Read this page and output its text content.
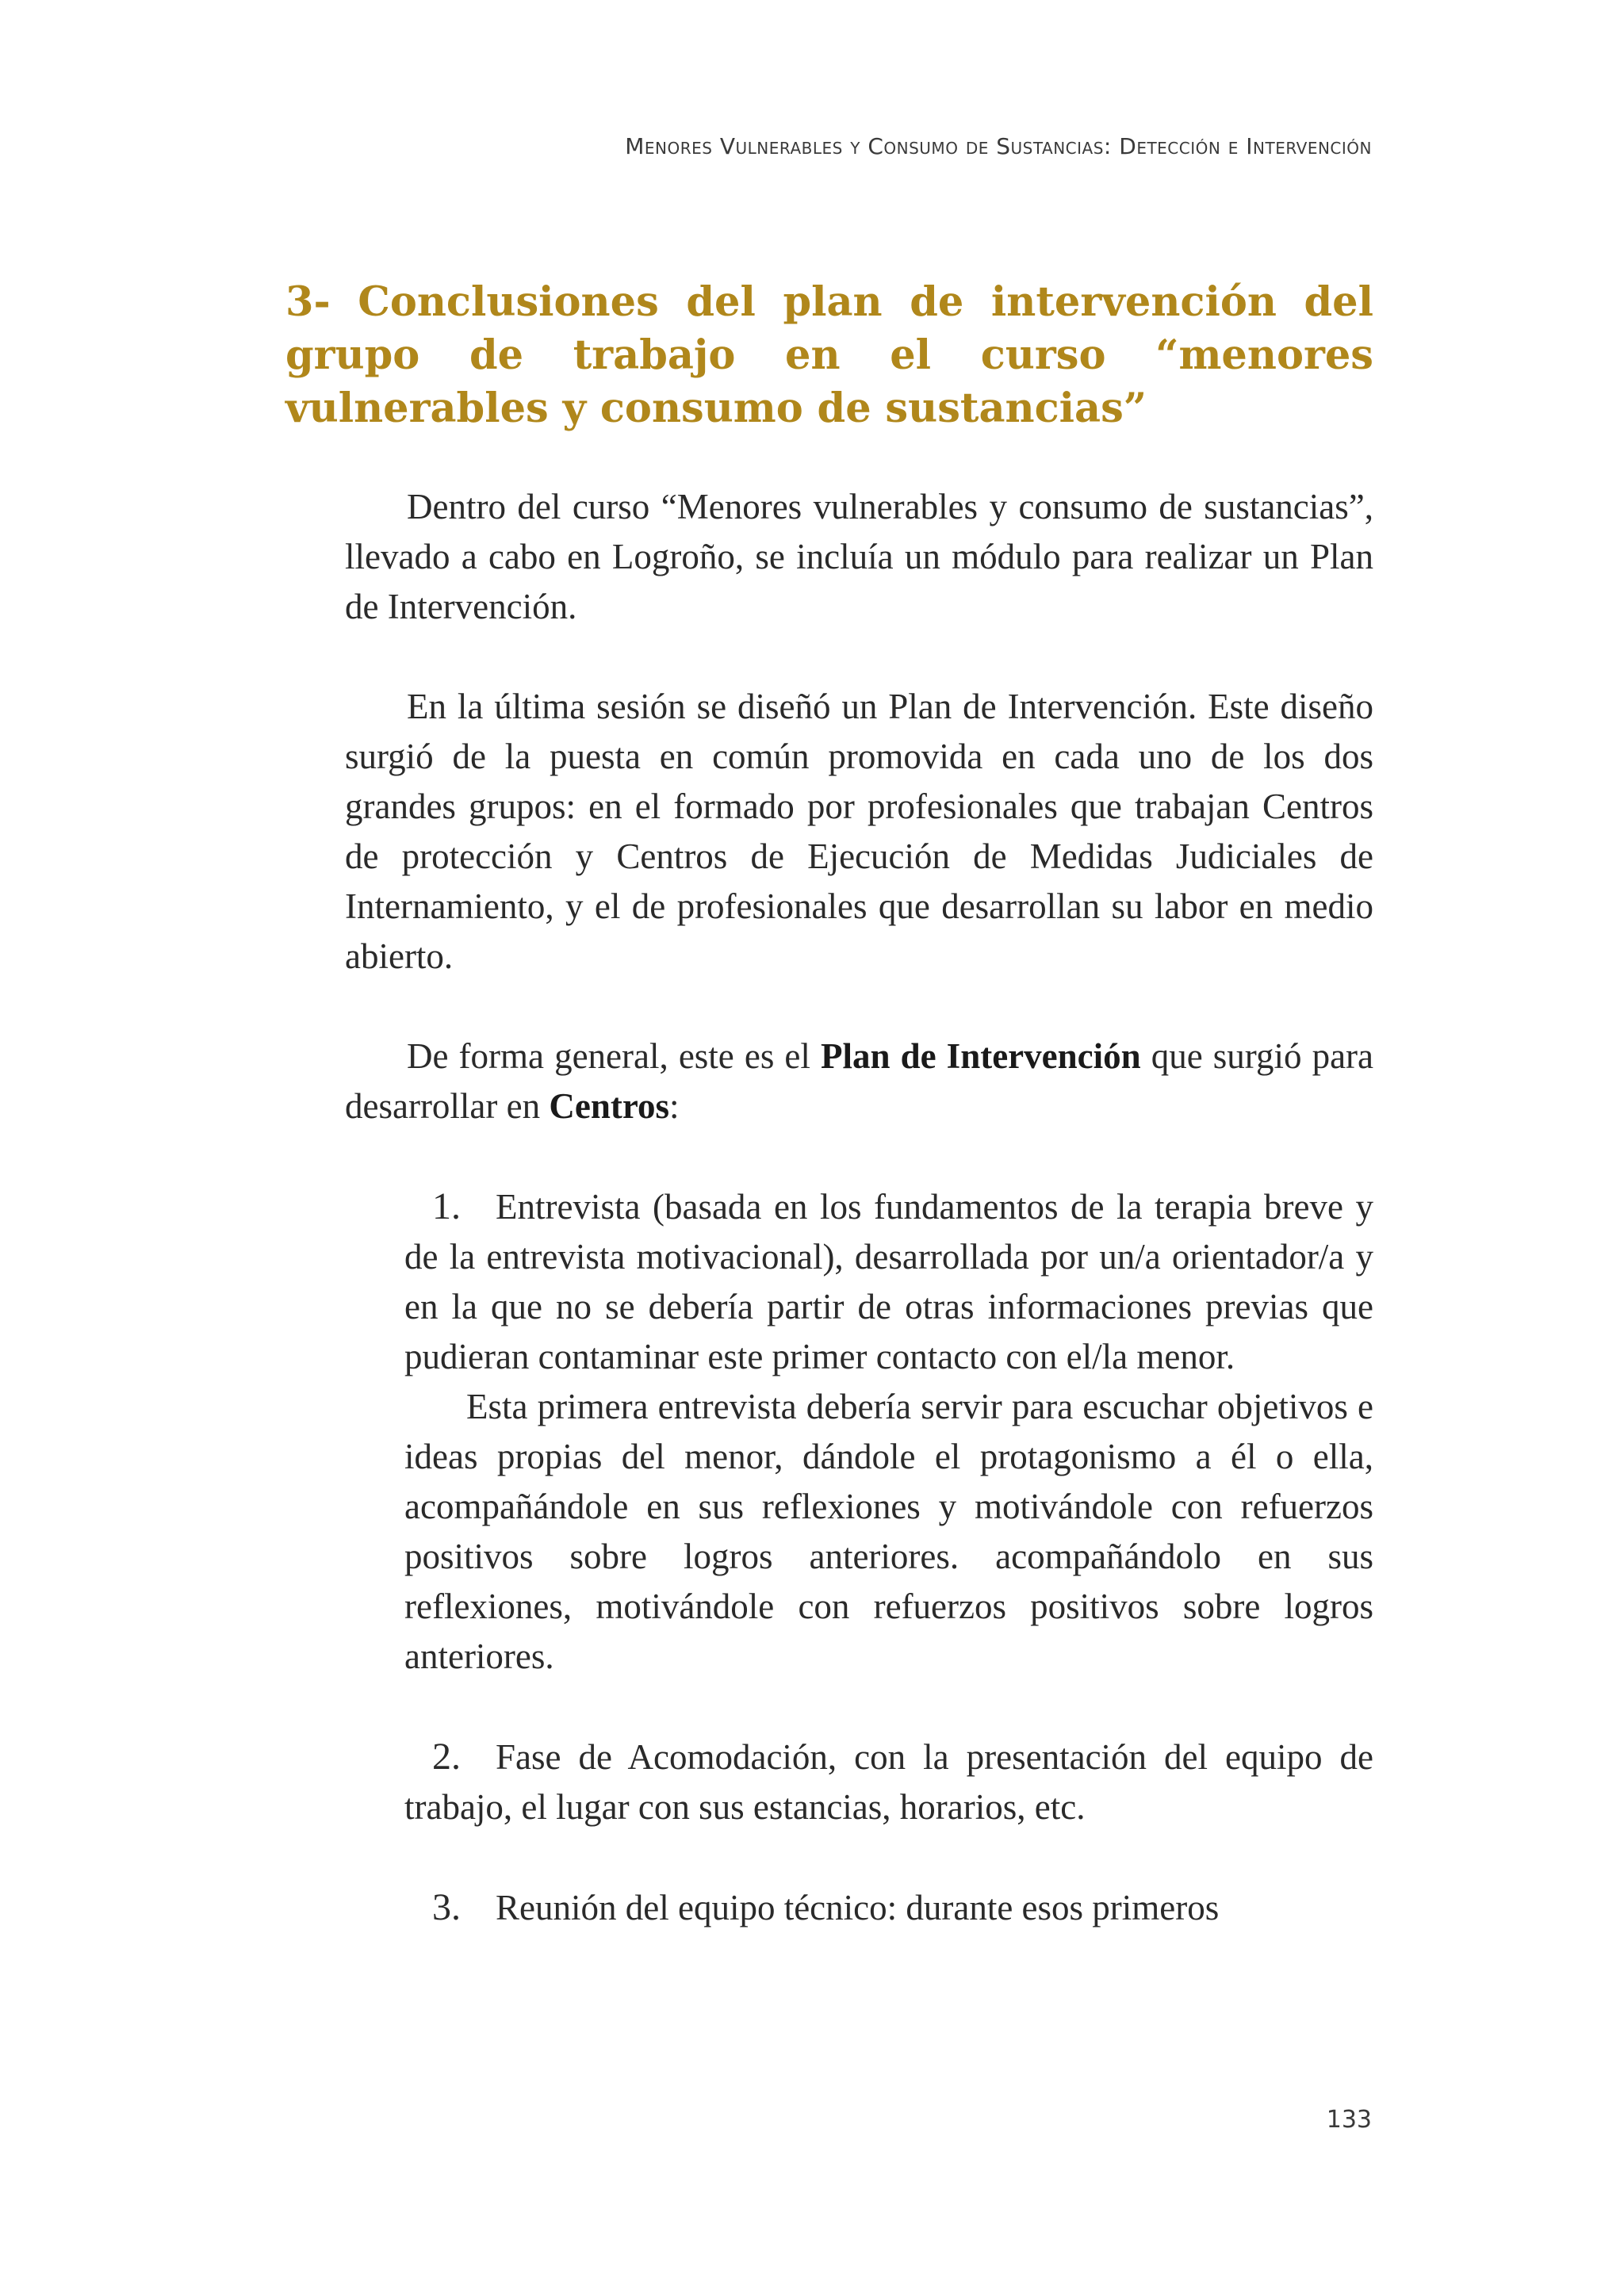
Menores Vulnerables y Consumo de Sustancias: Detección e Intervención
3- Conclusiones del plan de intervención del grupo de trabajo en el curso “menores vulnerables y consumo de sustancias”

Dentro del curso “Menores vulnerables y consumo de sustancias”, llevado a cabo en Logroño, se incluía un módulo para realizar un Plan de Intervención.

En la última sesión se diseñó un Plan de Intervención. Este diseño surgió de la puesta en común promovida en cada uno de los dos grandes grupos: en el formado por profesionales que trabajan Centros de protección y Centros de Ejecución de Medidas Judiciales de Internamiento, y el de profesionales que desarrollan su labor en medio abierto.

De forma general, este es el Plan de Intervención que surgió para desarrollar en Centros:

1. Entrevista (basada en los fundamentos de la terapia breve y de la entrevista motivacional), desarrollada por un/a orientador/a y en la que no se debería partir de otras informaciones previas que pudieran contaminar este primer contacto con el/la menor.

Esta primera entrevista debería servir para escuchar objetivos e ideas propias del menor, dándole el protagonismo a él o ella, acompañándole en sus reflexiones y motivándole con refuerzos positivos sobre logros anteriores. acompañándolo en sus reflexiones, motivándole con refuerzos positivos sobre logros anteriores.

2. Fase de Acomodación, con la presentación del equipo de trabajo, el lugar con sus estancias, horarios, etc.

3. Reunión del equipo técnico: durante esos primeros

133
